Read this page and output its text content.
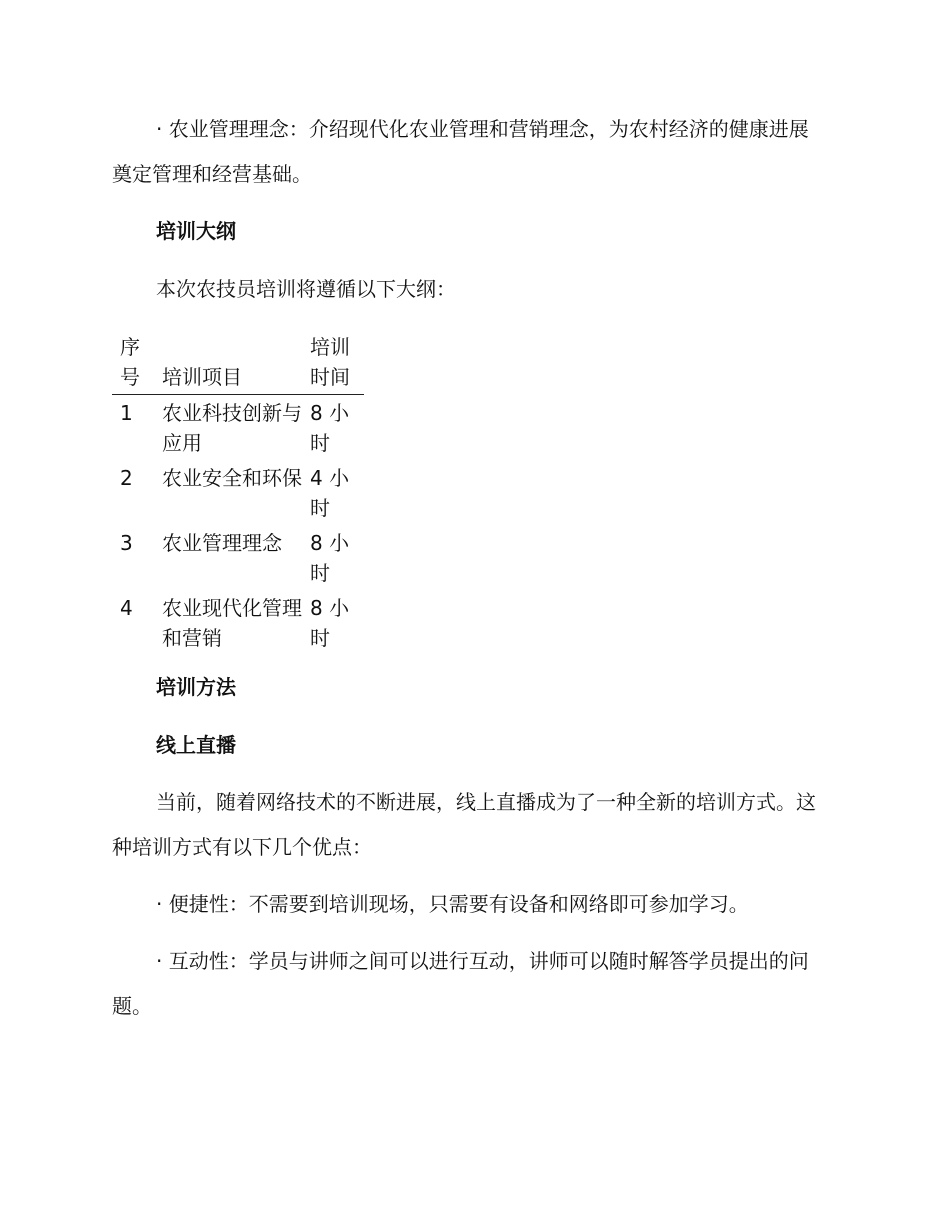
· 农业管理理念：介绍现代化农业管理和营销理念，为农村经济的健康进展奠定管理和经营基础。

培训大纲

本次农技员培训将遵循以下大纲：

序号	培训项目	培训时间
1	农业科技创新与应用	8 小时
2	农业安全和环保	4 小时
3	农业管理理念	8 小时
4	农业现代化管理和营销	8 小时

培训方法

线上直播

当前，随着网络技术的不断进展，线上直播成为了一种全新的培训方式。这种培训方式有以下几个优点：

· 便捷性：不需要到培训现场，只需要有设备和网络即可参加学习。

· 互动性：学员与讲师之间可以进行互动，讲师可以随时解答学员提出的问题。
